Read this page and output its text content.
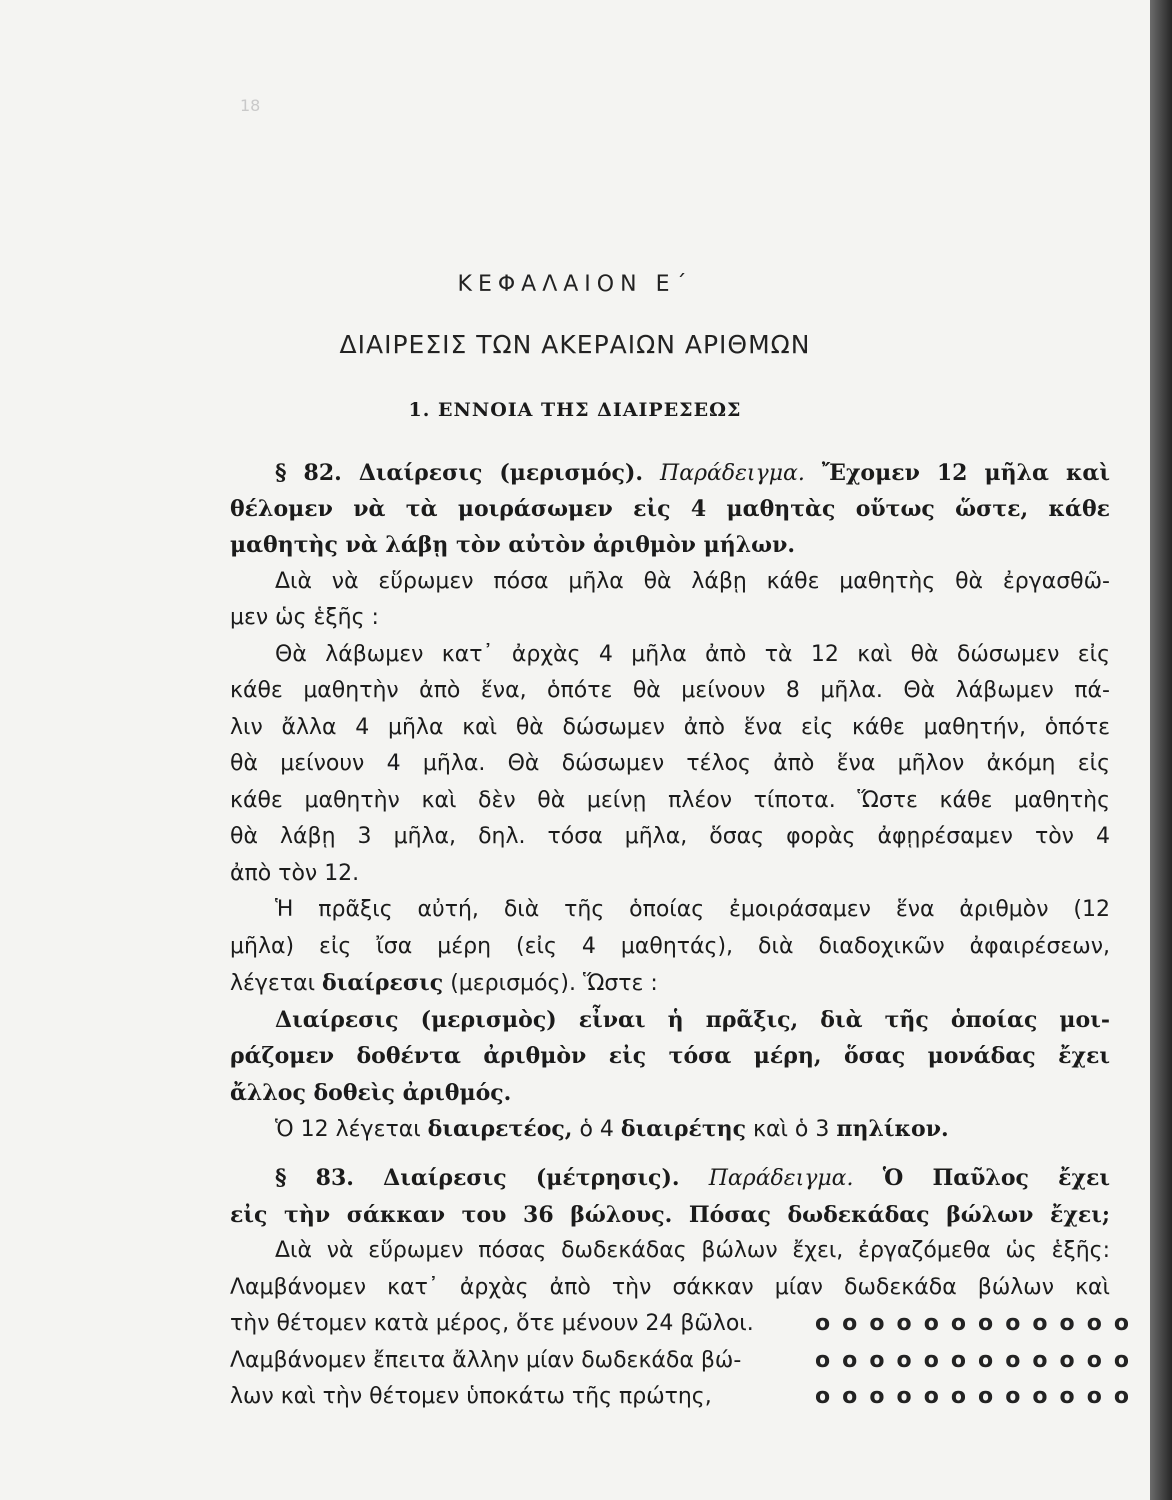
18
ΚΕΦΑΛΑΙΟΝ Ε΄
ΔΙΑΙΡΕΣΙΣ ΤΩΝ ΑΚΕΡΑΙΩΝ ΑΡΙΘΜΩΝ
1. ΕΝΝΟΙΑ ΤΗΣ ΔΙΑΙΡΕΣΕΩΣ
§ 82. Διαίρεσις (μερισμός). Παράδειγμα. Ἔχομεν 12 μῆλα καὶ
θέλομεν νὰ τὰ μοιράσωμεν εἰς 4 μαθητὰς οὕτως ὥστε, κάθε
μαθητὴς νὰ λάβῃ τὸν αὐτὸν ἀριθμὸν μήλων.
Διὰ νὰ εὕρωμεν πόσα μῆλα θὰ λάβῃ κάθε μαθητὴς θὰ ἐργασθῶ-
μεν ὡς ἑξῆς :
Θὰ λάβωμεν κατ᾽ ἀρχὰς 4 μῆλα ἀπὸ τὰ 12 καὶ θὰ δώσωμεν εἰς
κάθε μαθητὴν ἀπὸ ἕνα, ὁπότε θὰ μείνουν 8 μῆλα. Θὰ λάβωμεν πά-
λιν ἄλλα 4 μῆλα καὶ θὰ δώσωμεν ἀπὸ ἕνα εἰς κάθε μαθητήν, ὁπότε
θὰ μείνουν 4 μῆλα. Θὰ δώσωμεν τέλος ἀπὸ ἕνα μῆλον ἀκόμη εἰς
κάθε μαθητὴν καὶ δὲν θὰ μείνῃ πλέον τίποτα. Ὥστε κάθε μαθητὴς
θὰ λάβῃ 3 μῆλα, δηλ. τόσα μῆλα, ὅσας φορὰς ἀφῃρέσαμεν τὸν 4
ἀπὸ τὸν 12.
Ἡ πρᾶξις αὐτή, διὰ τῆς ὁποίας ἐμοιράσαμεν ἕνα ἀριθμὸν (12
μῆλα) εἰς ἴσα μέρη (εἰς 4 μαθητάς), διὰ διαδοχικῶν ἀφαιρέσεων,
λέγεται διαίρεσις (μερισμός). Ὥστε :
Διαίρεσις (μερισμὸς) εἶναι ἡ πρᾶξις, διὰ τῆς ὁποίας μοι-
ράζομεν δοθέντα ἀριθμὸν εἰς τόσα μέρη, ὅσας μονάδας ἔχει
ἄλλος δοθεὶς ἀριθμός.
Ὁ 12 λέγεται διαιρετέος, ὁ 4 διαιρέτης καὶ ὁ 3 πηλίκον.
§ 83. Διαίρεσις (μέτρησις). Παράδειγμα. Ὁ Παῦλος ἔχει
εἰς τὴν σάκκαν του 36 βώλους. Πόσας δωδεκάδας βώλων ἔχει;
Διὰ νὰ εὕρωμεν πόσας δωδεκάδας βώλων ἔχει, ἐργαζόμεθα ὡς ἑξῆς:
Λαμβάνομεν κατ᾽ ἀρχὰς ἀπὸ τὴν σάκκαν μίαν δωδεκάδα βώλων καὶ
τὴν θέτομεν κατὰ μέρος, ὅτε μένουν 24 βῶλοι.	o o o o o o o o o o o o
Λαμβάνομεν ἔπειτα ἄλλην μίαν δωδεκάδα βώ-	o o o o o o o o o o o o
λων καὶ τὴν θέτομεν ὑποκάτω τῆς πρώτης,	o o o o o o o o o o o o
